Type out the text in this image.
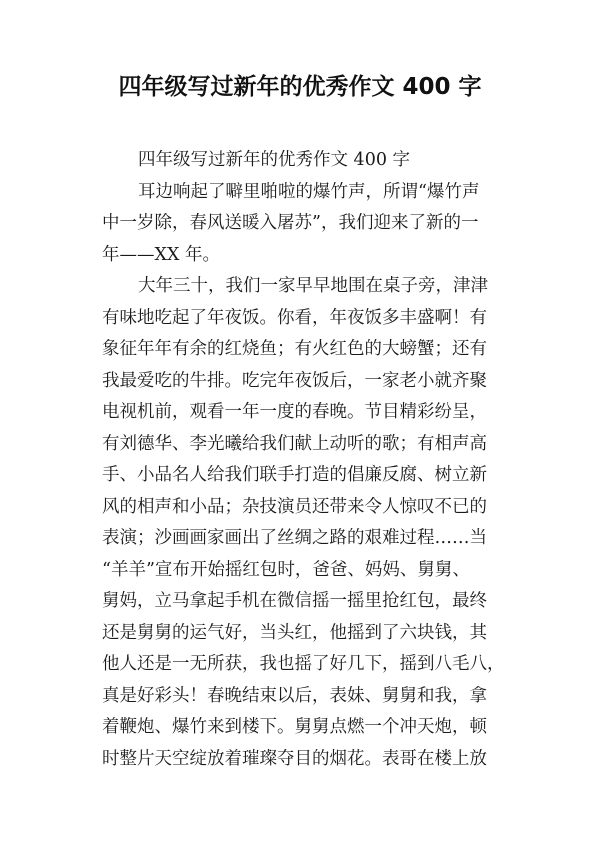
四年级写过新年的优秀作文 400 字
四年级写过新年的优秀作文 400 字
耳边响起了噼里啪啦的爆竹声，所谓“爆竹声
中一岁除，春风送暖入屠苏”，我们迎来了新的一
年——XX 年。
大年三十，我们一家早早地围在桌子旁，津津
有味地吃起了年夜饭。你看，年夜饭多丰盛啊！有
象征年年有余的红烧鱼；有火红色的大螃蟹；还有
我最爱吃的牛排。吃完年夜饭后，一家老小就齐聚
电视机前，观看一年一度的春晚。节目精彩纷呈，
有刘德华、李光曦给我们献上动听的歌；有相声高
手、小品名人给我们联手打造的倡廉反腐、树立新
风的相声和小品；杂技演员还带来令人惊叹不已的
表演；沙画画家画出了丝绸之路的艰难过程……当
“羊羊”宣布开始摇红包时，爸爸、妈妈、舅舅、
舅妈，立马拿起手机在微信摇一摇里抢红包，最终
还是舅舅的运气好，当头红，他摇到了六块钱，其
他人还是一无所获，我也摇了好几下，摇到八毛八，
真是好彩头！春晚结束以后，表妹、舅舅和我，拿
着鞭炮、爆竹来到楼下。舅舅点燃一个冲天炮，顿
时整片天空绽放着璀璨夺目的烟花。表哥在楼上放
